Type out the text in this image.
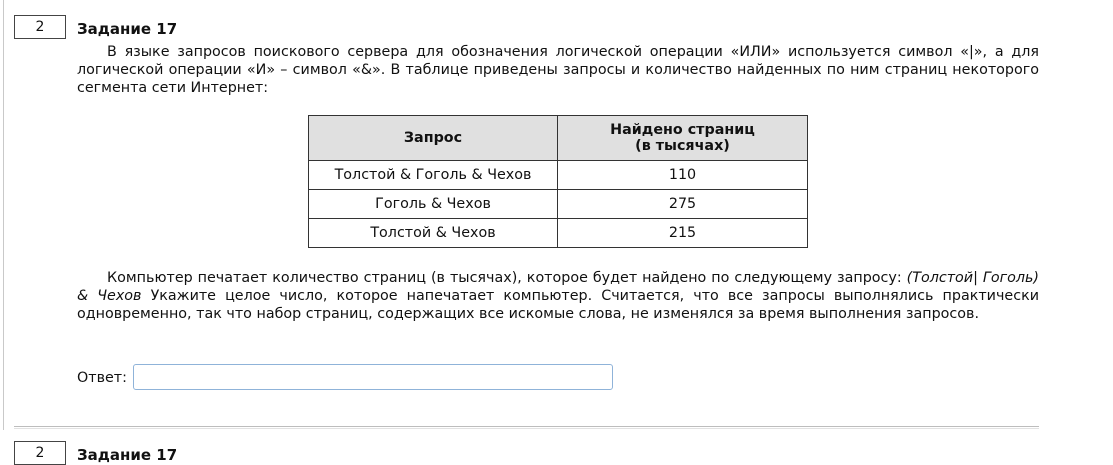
2	Задание 17

В языке запросов поискового сервера для обозначения логической операции «ИЛИ» используется символ «|», а для логической операции «И» – символ «&». В таблице приведены запросы и количество найденных по ним страниц некоторого сегмента сети Интернет:

Запрос	Найдено страниц
(в тысячах)
Толстой & Гоголь & Чехов	110
Гоголь & Чехов	275
Толстой & Чехов	215

Компьютер печатает количество страниц (в тысячах), которое будет найдено по следующему запросу: (Толстой| Гоголь) & Чехов Укажите целое число, которое напечатает компьютер. Считается, что все запросы выполнялись практически одновременно, так что набор страниц, содержащих все искомые слова, не изменялся за время выполнения запросов.

Ответ:
2	Задание 17
